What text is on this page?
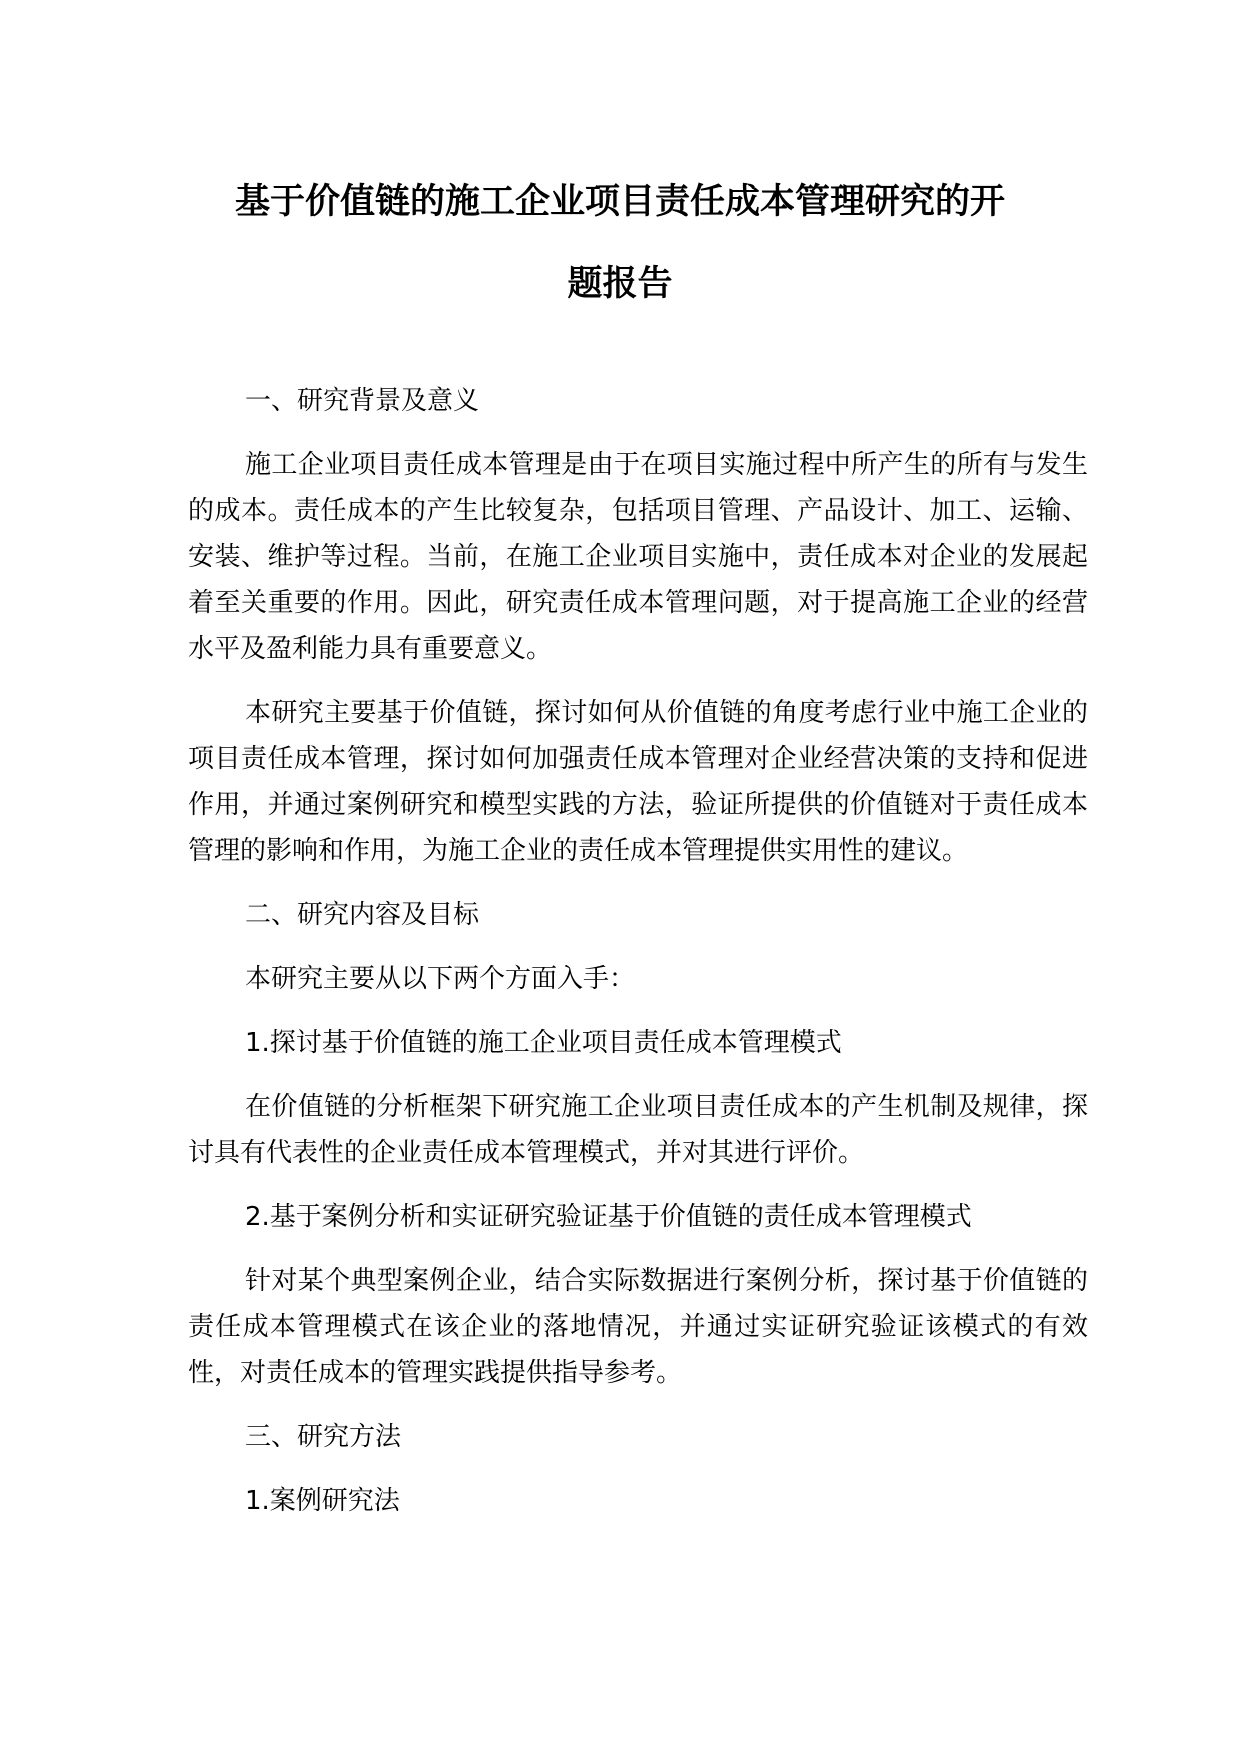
基于价值链的施工企业项目责任成本管理研究的开
题报告
一、研究背景及意义

施工企业项目责任成本管理是由于在项目实施过程中所产生的所有与发生的成本。责任成本的产生比较复杂，包括项目管理、产品设计、加工、运输、安装、维护等过程。当前，在施工企业项目实施中，责任成本对企业的发展起着至关重要的作用。因此，研究责任成本管理问题，对于提高施工企业的经营水平及盈利能力具有重要意义。

本研究主要基于价值链，探讨如何从价值链的角度考虑行业中施工企业的项目责任成本管理，探讨如何加强责任成本管理对企业经营决策的支持和促进作用，并通过案例研究和模型实践的方法，验证所提供的价值链对于责任成本管理的影响和作用，为施工企业的责任成本管理提供实用性的建议。

二、研究内容及目标
本研究主要从以下两个方面入手：
1.探讨基于价值链的施工企业项目责任成本管理模式

在价值链的分析框架下研究施工企业项目责任成本的产生机制及规律，探讨具有代表性的企业责任成本管理模式，并对其进行评价。

2.基于案例分析和实证研究验证基于价值链的责任成本管理模式

针对某个典型案例企业，结合实际数据进行案例分析，探讨基于价值链的责任成本管理模式在该企业的落地情况，并通过实证研究验证该模式的有效性，对责任成本的管理实践提供指导参考。

三、研究方法
1.案例研究法
